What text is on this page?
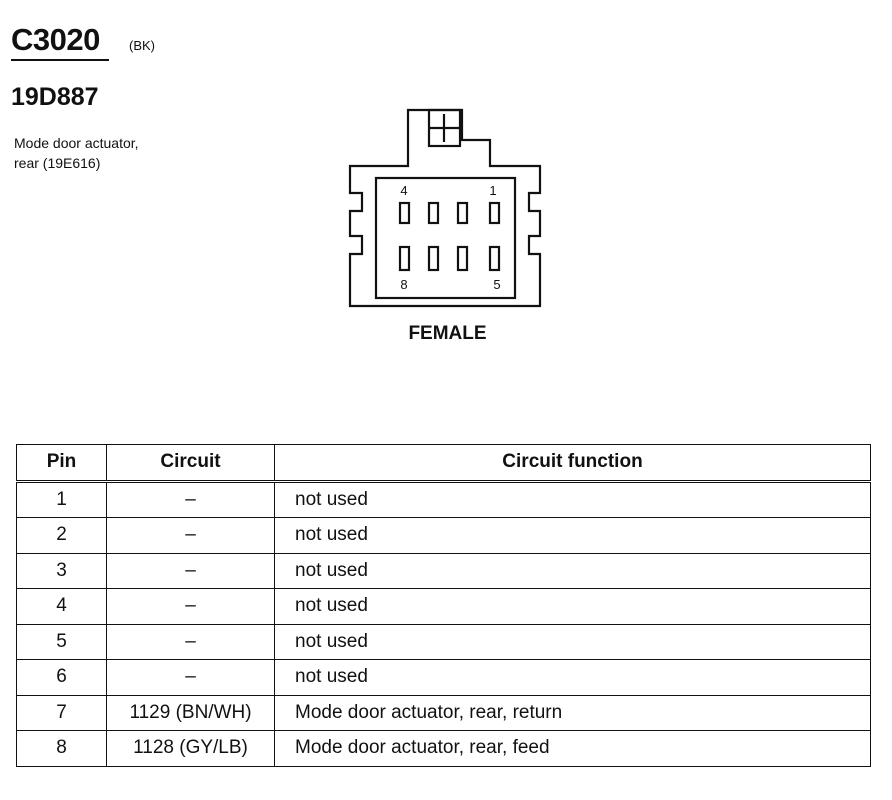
C3020 (BK)
19D887
Mode door actuator,
rear (19E616)
4	1
8	5
FEMALE
Pin	Circuit	Circuit function
1	–	not used
2	–	not used
3	–	not used
4	–	not used
5	–	not used
6	–	not used
7	1129 (BN/WH)	Mode door actuator, rear, return
8	1128 (GY/LB)	Mode door actuator, rear, feed
